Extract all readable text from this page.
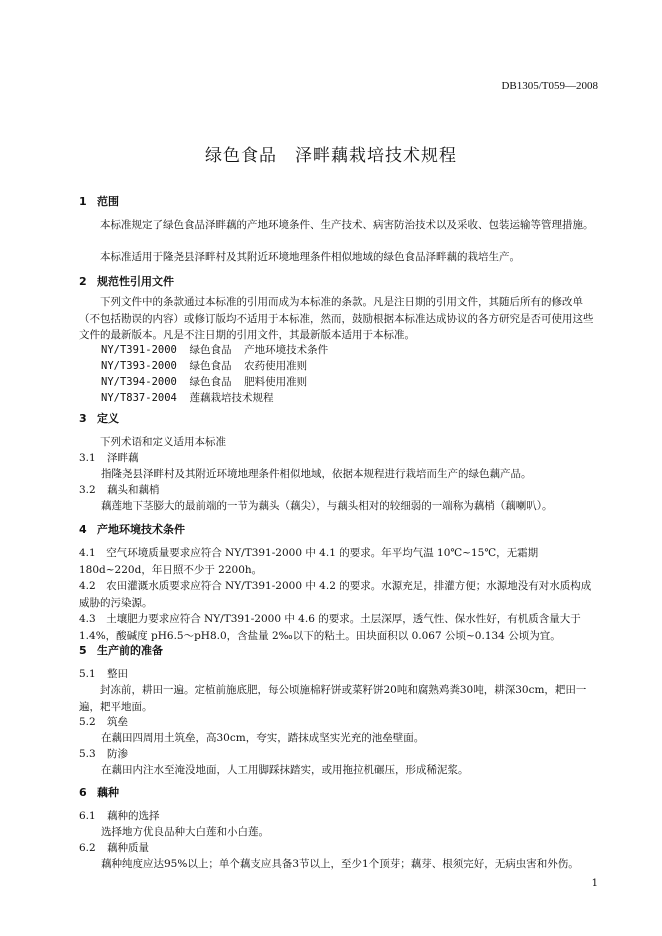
DB1305/T059—2008
绿色食品　泽畔藕栽培技术规程
1 范围
本标准规定了绿色食品泽畔藕的产地环境条件、生产技术、病害防治技术以及采收、包装运输等管理措施。
本标准适用于隆尧县泽畔村及其附近环境地理条件相似地域的绿色食品泽畔藕的栽培生产。
2 规范性引用文件
下列文件中的条款通过本标准的引用而成为本标准的条款。凡是注日期的引用文件，其随后所有的修改单（不包括勘误的内容）或修订版均不适用于本标准，然而，鼓励根据本标准达成协议的各方研究是否可使用这些文件的最新版本。凡是不注日期的引用文件，其最新版本适用于本标准。
NY/T391-2000  绿色食品  产地环境技术条件
NY/T393-2000  绿色食品  农药使用准则
NY/T394-2000  绿色食品  肥料使用准则
NY/T837-2004  莲藕栽培技术规程
3 定义
下列术语和定义适用本标准
3.1 泽畔藕
指隆尧县泽畔村及其附近环境地理条件相似地域，依据本规程进行栽培而生产的绿色藕产品。
3.2 藕头和藕梢
藕莲地下茎膨大的最前端的一节为藕头（藕尖），与藕头相对的较细弱的一端称为藕梢（藕喇叭）。
4 产地环境技术条件
4.1　空气环境质量要求应符合 NY/T391-2000 中 4.1 的要求。年平均气温 10℃~15℃，无霜期 180d~220d，年日照不少于 2200h。
4.2　农田灌溉水质要求应符合 NY/T391-2000 中 4.2 的要求。水源充足，排灌方便；水源地没有对水质构成威胁的污染源。
4.3　土壤肥力要求应符合 NY/T391-2000 中 4.6 的要求。土层深厚，透气性、保水性好，有机质含量大于 1.4%，酸碱度 pH6.5～pH8.0，含盐量 2‰以下的粘土。田块面积以 0.067 公顷~0.134 公顷为宜。
5 生产前的准备
5.1 整田
封冻前，耕田一遍。定植前施底肥，每公顷施棉籽饼或菜籽饼20吨和腐熟鸡粪30吨，耕深30cm，耙田一遍，耙平地面。
5.2 筑垒
在藕田四周用土筑垒，高30cm，夸实，踏抹成坚实光充的池垒壁面。
5.3 防渗
在藕田内注水至淹没地面，人工用脚踩抹踏实，或用拖拉机碾压，形成稀泥浆。
6 藕种
6.1 藕种的选择
选择地方优良品种大白莲和小白莲。
6.2 藕种质量
藕种纯度应达95%以上；单个藕支应具备3节以上，至少1个顶芽；藕芽、根须完好，无病虫害和外伤。
1
